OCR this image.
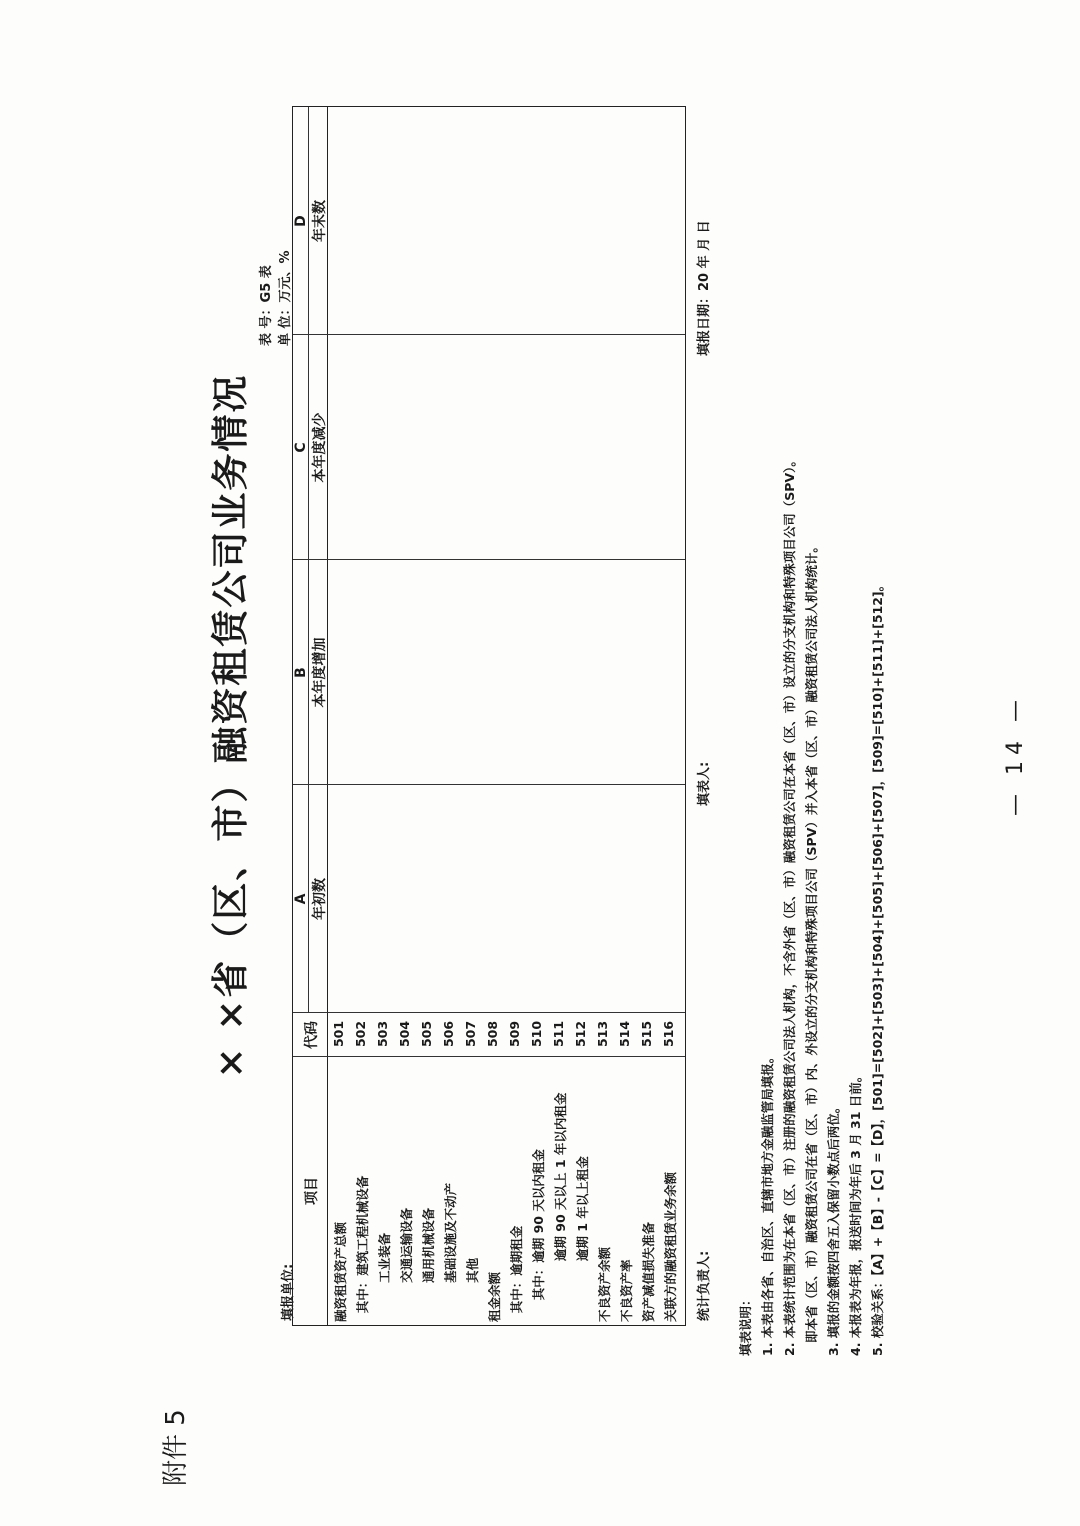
附件 5
× ×省（区、市）融资租赁公司业务情况
表 号：G5 表 单 位：万元、%
填报单位:
项目
代码
A 年初数
B 本年度增加
C 本年度减少
D 年末数
融资租赁资产总额 其中：建筑工程机械设备 工业装备 交通运输设备 通用机械设备 基础设施及不动产 其他 租金余额 其中：逾期租金 其中：逾期 90 天以内租金 逾期 90 天以上 1 年以内租金 逾期 1 年以上租金 不良资产余额 不良资产率 资产减值损失准备 关联方的融资租赁业务余额
501 502 503 504 505 506 507 508 509 510 511 512 513 514 515 516
统计负责人:
填表人:
填报日期：20 年 月 日
填表说明： 1. 本表由各省、自治区、直辖市地方金融监管局填报。 2. 本表统计范围为在本省（区、市）注册的融资租赁公司法人机构，不含外省（区、市）融资租赁公司在本省（区、市）设立的分支机构和特殊项目公司（SPV）。 即本省（区、市）融资租赁公司在省（区、市）内、外设立的分支机构和特殊项目公司（SPV）并入本省（区、市）融资租赁公司法人机构统计。 3. 填报的金额按四舍五入保留小数点后两位。 4. 本报表为年报，报送时间为年后 3 月 31 日前。 5. 校验关系：【A】+【B】-【C】=【D】，[501]=[502]+[503]+[504]+[505]+[506]+[507]，[509]=[510]+[511]+[512]。	— 14 —
